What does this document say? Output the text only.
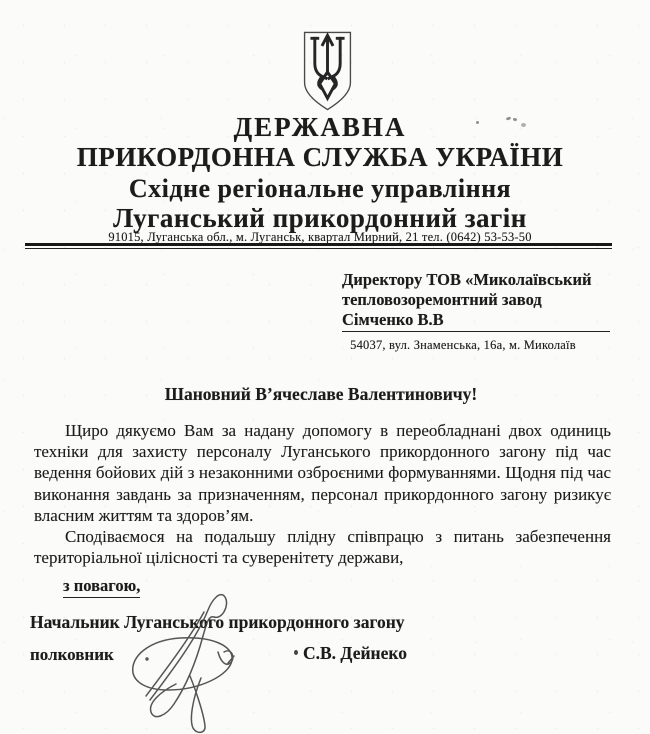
ДЕРЖАВНА
ПРИКОРДОННА СЛУЖБА УКРАЇНИ
Східне регіональне управління
Луганський прикордонний загін
91015, Луганська обл., м. Луганськ, квартал Мирний, 21 тел. (0642) 53-53-50
Директору ТОВ «Миколаївський
тепловозоремонтний завод
Сімченко В.В
54037, вул. Знаменська, 16а, м. Миколаїв
Шановний В’ячеславе Валентиновичу!

Щиро дякуємо Вам за надану допомогу в переобладнані двох одиниць техніки для захисту персоналу Луганського прикордонного загону під час ведення бойових дій з незаконними озброєними формуваннями. Щодня під час виконання завдань за призначенням, персонал прикордонного загону ризикує власним життям та здоров’ям.

Сподіваємося на подальшу плідну співпрацю з питань забезпечення територіальної цілісності та суверенітету держави,

з повагою,
Начальник Луганського прикордонного загону
полковник	С.В. Дейнеко
